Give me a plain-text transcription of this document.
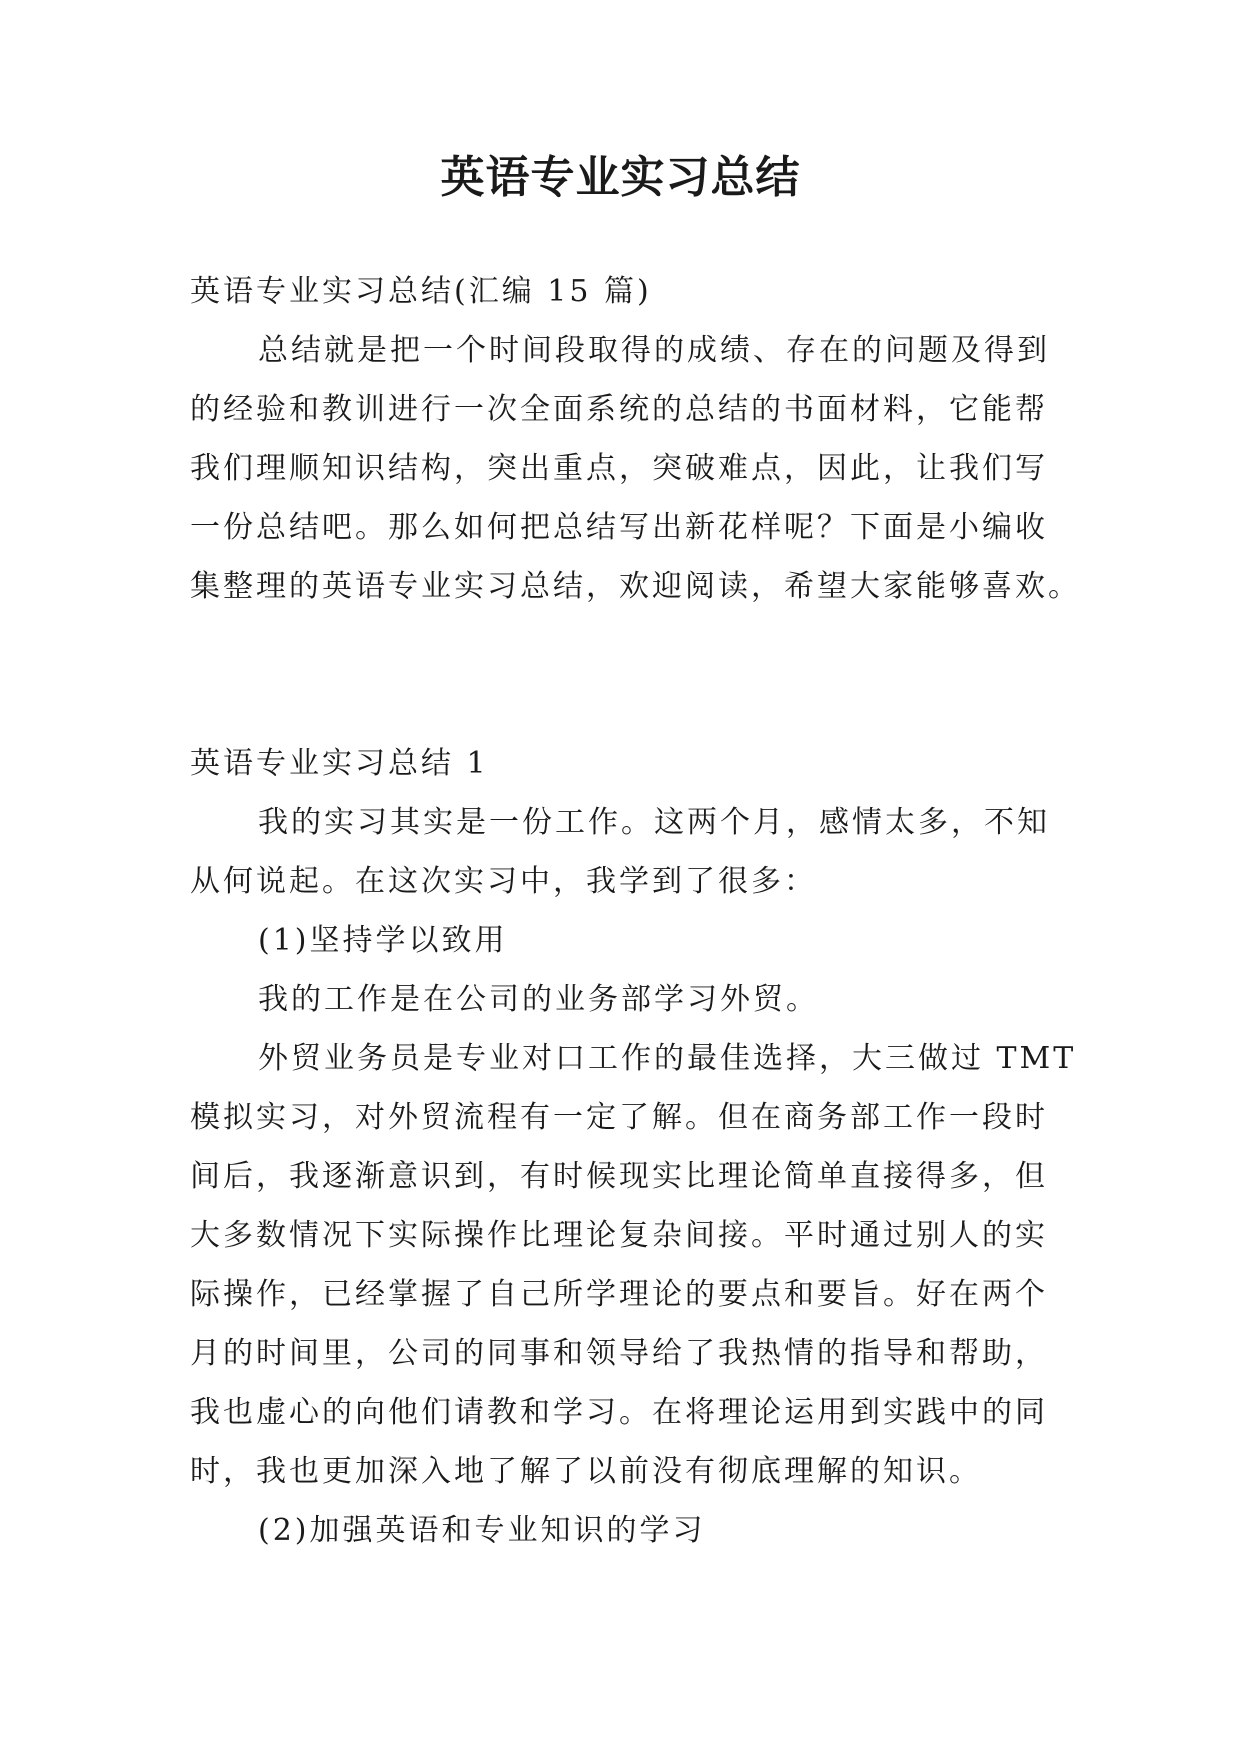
英语专业实习总结
英语专业实习总结(汇编 15 篇)
总结就是把一个时间段取得的成绩、存在的问题及得到
的经验和教训进行一次全面系统的总结的书面材料，它能帮
我们理顺知识结构，突出重点，突破难点，因此，让我们写
一份总结吧。那么如何把总结写出新花样呢？下面是小编收
集整理的英语专业实习总结，欢迎阅读，希望大家能够喜欢。
英语专业实习总结 1
我的实习其实是一份工作。这两个月，感情太多，不知
从何说起。在这次实习中，我学到了很多：
(1)坚持学以致用
我的工作是在公司的业务部学习外贸。
外贸业务员是专业对口工作的最佳选择，大三做过 TMT
模拟实习，对外贸流程有一定了解。但在商务部工作一段时
间后，我逐渐意识到，有时候现实比理论简单直接得多，但
大多数情况下实际操作比理论复杂间接。平时通过别人的实
际操作，已经掌握了自己所学理论的要点和要旨。好在两个
月的时间里，公司的同事和领导给了我热情的指导和帮助，
我也虚心的向他们请教和学习。在将理论运用到实践中的同
时，我也更加深入地了解了以前没有彻底理解的知识。
(2)加强英语和专业知识的学习
